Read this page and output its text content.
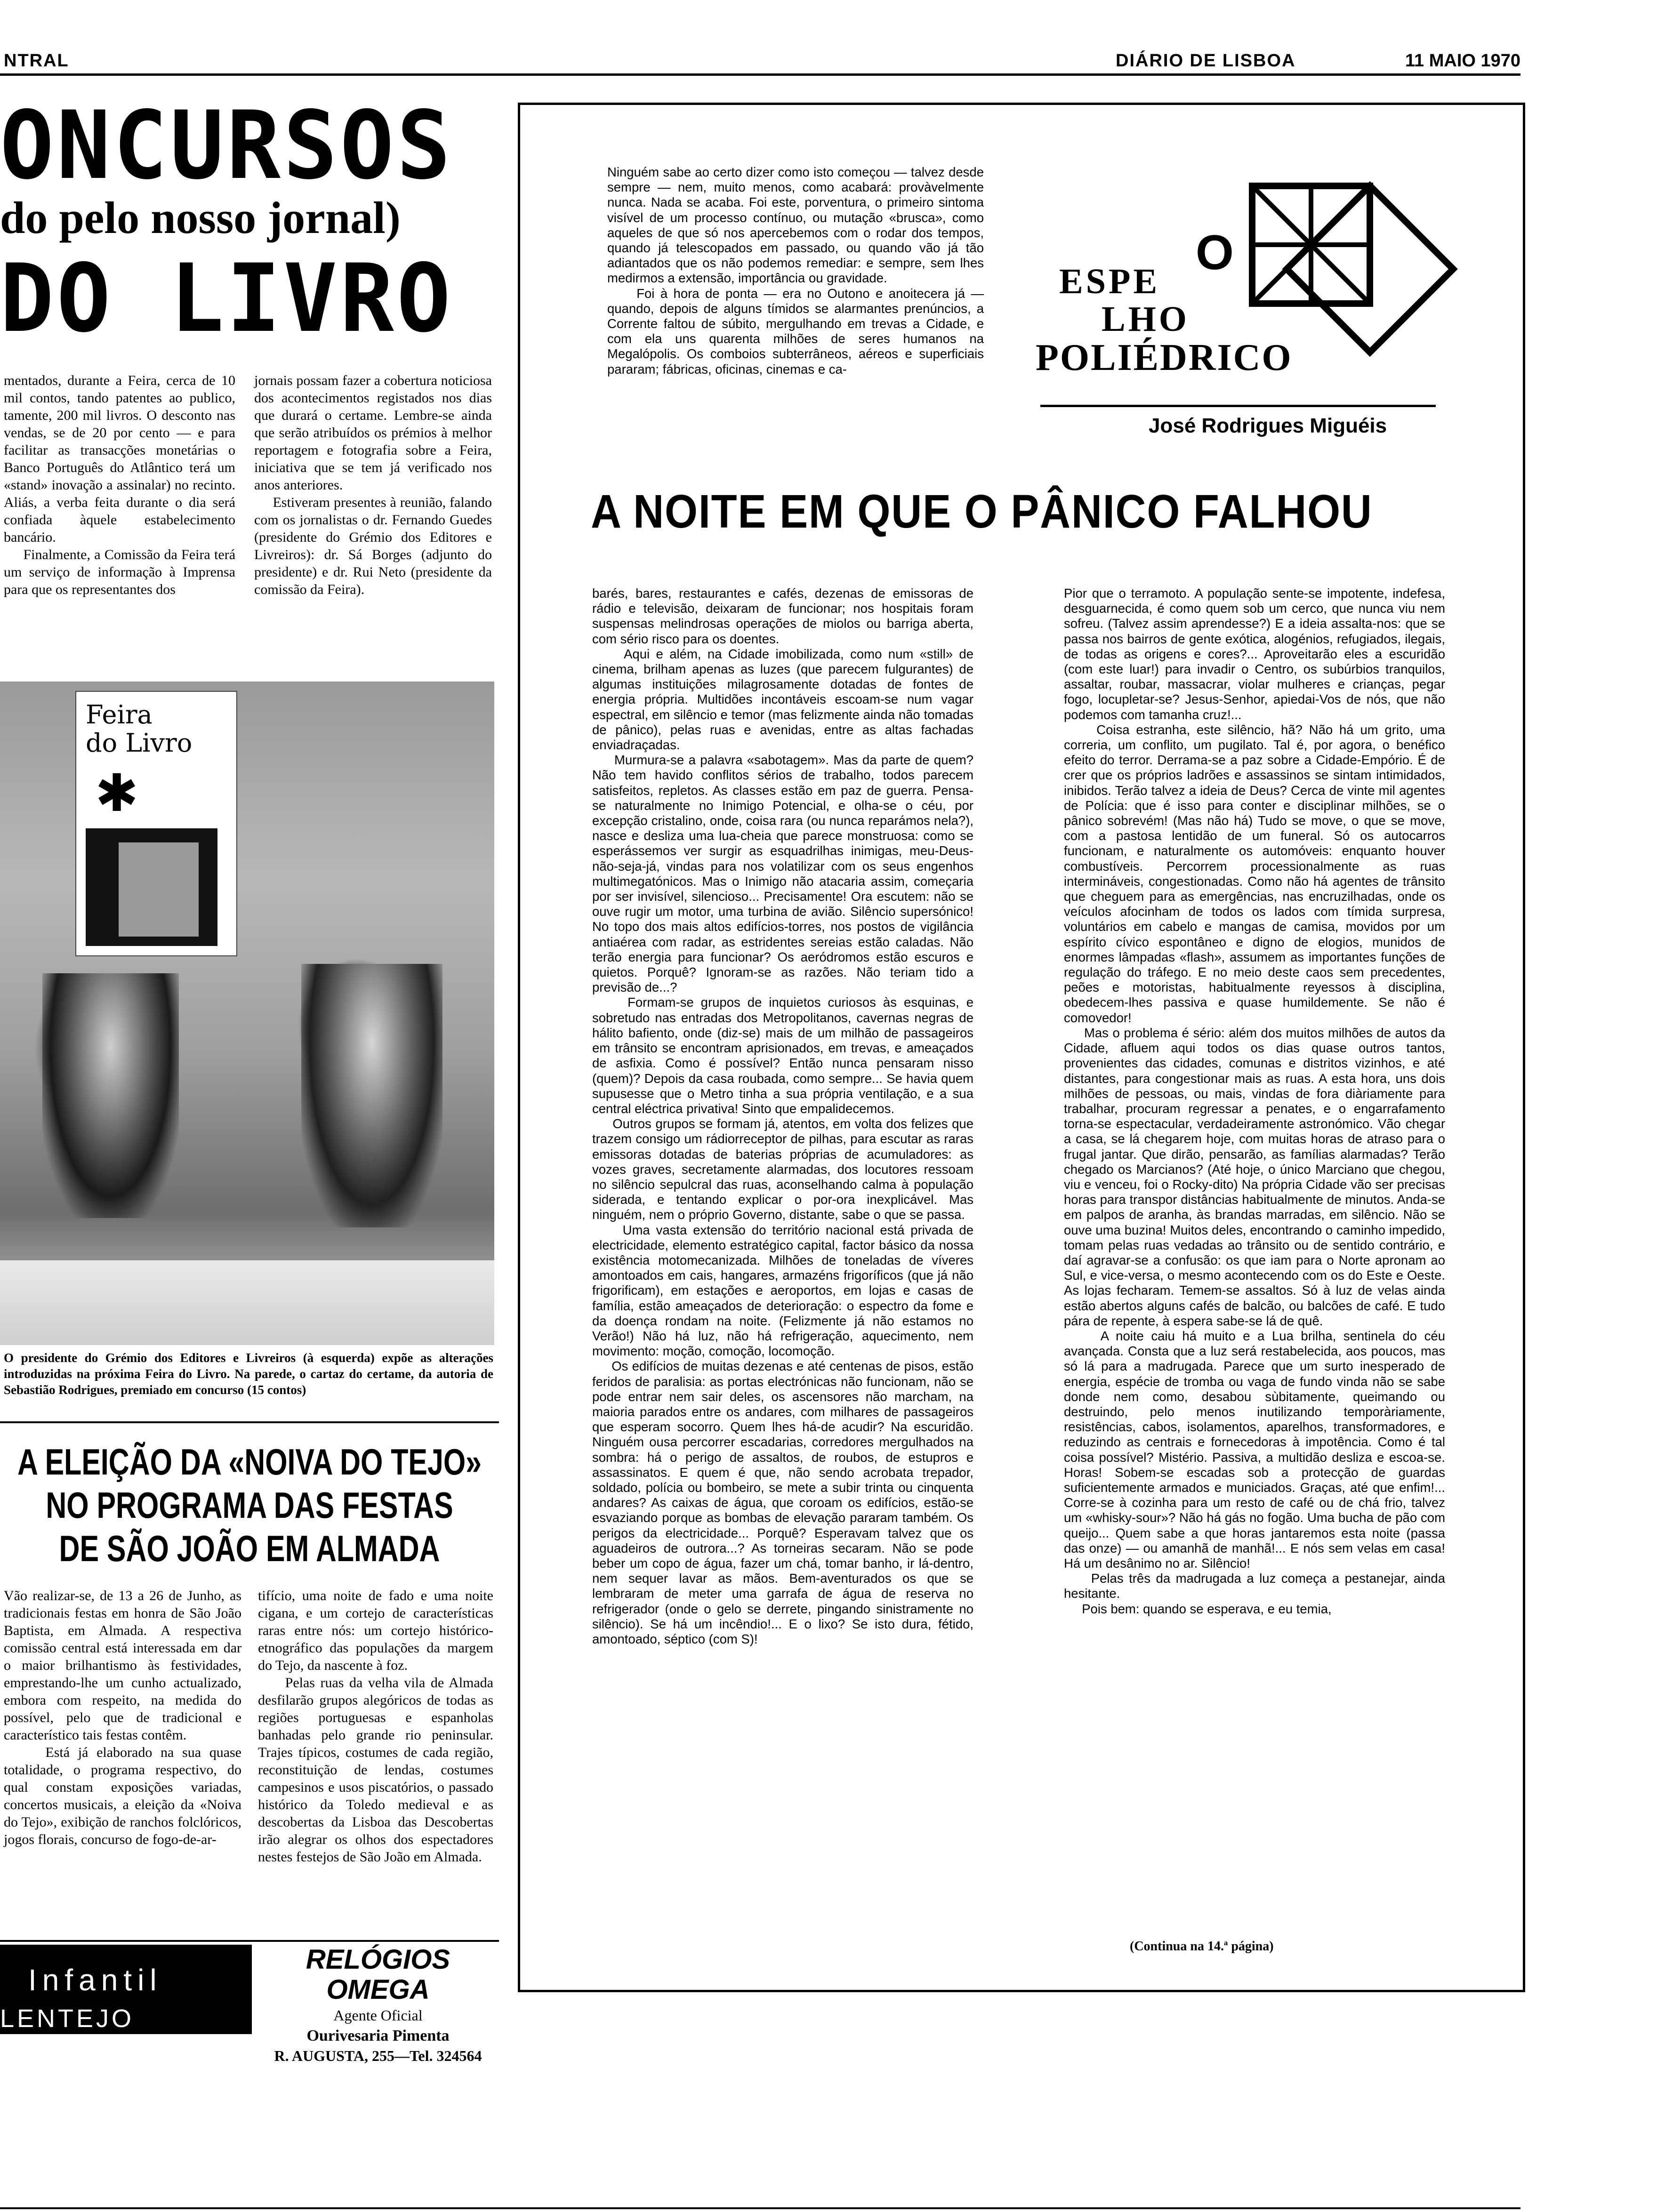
NTRAL	DIÁRIO DE LISBOA	11 MAIO 1970
ONCURSOS
do pelo nosso jornal)
DO LIVRO
mentados, durante a Feira, cerca de 10 mil contos, tando patentes ao publico, tamente, 200 mil livros. O desconto nas vendas, se de 20 por cento — e para facilitar as transacções monetárias o Banco Português do Atlântico terá um «stand» inovação a assinalar) no recinto. Aliás, a verba feita durante o dia será confiada àquele estabelecimento bancário.
Finalmente, a Comissão da Feira terá um serviço de informação à Imprensa para que os representantes dos
jornais possam fazer a cobertura noticiosa dos acontecimentos registados nos dias que durará o certame. Lembre-se ainda que serão atribuídos os prémios à melhor reportagem e fotografia sobre a Feira, iniciativa que se tem já verificado nos anos anteriores.
Estiveram presentes à reunião, falando com os jornalistas o dr. Fernando Guedes (presidente do Grémio dos Editores e Livreiros): dr. Sá Borges (adjunto do presidente) e dr. Rui Neto (presidente da comissão da Feira).
Feira
do Livro
✱
O presidente do Grémio dos Editores e Livreiros (à esquerda) expõe as alterações introduzidas na próxima Feira do Livro. Na parede, o cartaz do certame, da autoria de Sebastião Rodrigues, premiado em concurso (15 contos)
A ELEIÇÃO DA «NOIVA DO TEJO»
NO PROGRAMA DAS FESTAS
DE SÃO JOÃO EM ALMADA
Vão realizar-se, de 13 a 26 de Junho, as tradicionais festas em honra de São João Baptista, em Almada. A respectiva comissão central está interessada em dar o maior brilhantismo às festividades, emprestando-lhe um cunho actualizado, embora com respeito, na medida do possível, pelo que de tradicional e característico tais festas contêm.
Está já elaborado na sua quase totalidade, o programa respectivo, do qual constam exposições variadas, concertos musicais, a eleição da «Noiva do Tejo», exibição de ranchos folclóricos, jogos florais, concurso de fogo-de-ar-
tifício, uma noite de fado e uma noite cigana, e um cortejo de características raras entre nós: um cortejo histórico-etnográfico das populações da margem do Tejo, da nascente à foz.
Pelas ruas da velha vila de Almada desfilarão grupos alegóricos de todas as regiões portuguesas e espanholas banhadas pelo grande rio peninsular. Trajes típicos, costumes de cada região, reconstituição de lendas, costumes campesinos e usos piscatórios, o passado histórico da Toledo medieval e as descobertas da Lisboa das Descobertas irão alegrar os olhos dos espectadores nestes festejos de São João em Almada.
Infantil
LENTEJO
RELÓGIOS OMEGA
Agente Oficial
Ourivesaria Pimenta
R. AUGUSTA, 255—Tel. 324564
Ninguém sabe ao certo dizer como isto começou — talvez desde sempre — nem, muito menos, como acabará: provàvelmente nunca. Nada se acaba. Foi este, porventura, o primeiro sintoma visível de um processo contínuo, ou mutação «brusca», como aqueles de que só nos apercebemos com o rodar dos tempos, quando já telescopados em passado, ou quando vão já tão adiantados que os não podemos remediar: e sempre, sem lhes medirmos a extensão, importância ou gravidade.
Foi à hora de ponta — era no Outono e anoitecera já — quando, depois de alguns tímidos se alarmantes prenúncios, a Corrente faltou de súbito, mergulhando em trevas a Cidade, e com ela uns quarenta milhões de seres humanos na Megalópolis. Os comboios subterrâneos, aéreos e superficiais pararam; fábricas, oficinas, cinemas e ca-
O
ESPE
LHO
POLIÉDRICO
José Rodrigues Miguéis
A NOITE EM QUE O PÂNICO FALHOU
barés, bares, restaurantes e cafés, dezenas de emissoras de rádio e televisão, deixaram de funcionar; nos hospitais foram suspensas melindrosas operações de miolos ou barriga aberta, com sério risco para os doentes.
Aqui e além, na Cidade imobilizada, como num «still» de cinema, brilham apenas as luzes (que parecem fulgurantes) de algumas instituições milagrosamente dotadas de fontes de energia própria. Multidões incontáveis escoam-se num vagar espectral, em silêncio e temor (mas felizmente ainda não tomadas de pânico), pelas ruas e avenidas, entre as altas fachadas enviadraçadas.
Murmura-se a palavra «sabotagem». Mas da parte de quem? Não tem havido conflitos sérios de trabalho, todos parecem satisfeitos, repletos. As classes estão em paz de guerra. Pensa-se naturalmente no Inimigo Potencial, e olha-se o céu, por excepção cristalino, onde, coisa rara (ou nunca reparámos nela?), nasce e desliza uma lua-cheia que parece monstruosa: como se esperássemos ver surgir as esquadrilhas inimigas, meu-Deus-não-seja-já, vindas para nos volatilizar com os seus engenhos multimegatónicos. Mas o Inimigo não atacaria assim, começaria por ser invisível, silencioso... Precisamente! Ora escutem: não se ouve rugir um motor, uma turbina de avião. Silêncio supersónico! No topo dos mais altos edifícios-torres, nos postos de vigilância antiaérea com radar, as estridentes sereias estão caladas. Não terão energia para funcionar? Os aeródromos estão escuros e quietos. Porquê? Ignoram-se as razões. Não teriam tido a previsão de...?
Formam-se grupos de inquietos curiosos às esquinas, e sobretudo nas entradas dos Metropolitanos, cavernas negras de hálito bafiento, onde (diz-se) mais de um milhão de passageiros em trânsito se encontram aprisionados, em trevas, e ameaçados de asfixia. Como é possível? Então nunca pensaram nisso (quem)? Depois da casa roubada, como sempre... Se havia quem supusesse que o Metro tinha a sua própria ventilação, e a sua central eléctrica privativa! Sinto que empalidecemos.
Outros grupos se formam já, atentos, em volta dos felizes que trazem consigo um rádiorreceptor de pilhas, para escutar as raras emissoras dotadas de baterias próprias de acumuladores: as vozes graves, secretamente alarmadas, dos locutores ressoam no silêncio sepulcral das ruas, aconselhando calma à população siderada, e tentando explicar o por-ora inexplicável. Mas ninguém, nem o próprio Governo, distante, sabe o que se passa.
Uma vasta extensão do território nacional está privada de electricidade, elemento estratégico capital, factor básico da nossa existência motomecanizada. Milhões de toneladas de víveres amontoados em cais, hangares, armazéns frigoríficos (que já não frigorificam), em estações e aeroportos, em lojas e casas de família, estão ameaçados de deterioração: o espectro da fome e da doença rondam na noite. (Felizmente já não estamos no Verão!) Não há luz, não há refrigeração, aquecimento, nem movimento: moção, comoção, locomoção.
Os edifícios de muitas dezenas e até centenas de pisos, estão feridos de paralisia: as portas electrónicas não funcionam, não se pode entrar nem sair deles, os ascensores não marcham, na maioria parados entre os andares, com milhares de passageiros que esperam socorro. Quem lhes há-de acudir? Na escuridão. Ninguém ousa percorrer escadarias, corredores mergulhados na sombra: há o perigo de assaltos, de roubos, de estupros e assassinatos. E quem é que, não sendo acrobata trepador, soldado, polícia ou bombeiro, se mete a subir trinta ou cinquenta andares? As caixas de água, que coroam os edifícios, estão-se esvaziando porque as bombas de elevação pararam também. Os perigos da electricidade... Porquê? Esperavam talvez que os aguadeiros de outrora...? As torneiras secaram. Não se pode beber um copo de água, fazer um chá, tomar banho, ir lá-dentro, nem sequer lavar as mãos. Bem-aventurados os que se lembraram de meter uma garrafa de água de reserva no refrigerador (onde o gelo se derrete, pingando sinistramente no silêncio). Se há um incêndio!... E o lixo? Se isto dura, fétido, amontoado, séptico (com S)!
Pior que o terramoto. A população sente-se impotente, indefesa, desguarnecida, é como quem sob um cerco, que nunca viu nem sofreu. (Talvez assim aprendesse?) E a ideia assalta-nos: que se passa nos bairros de gente exótica, alogénios, refugiados, ilegais, de todas as origens e cores?... Aproveitarão eles a escuridão (com este luar!) para invadir o Centro, os subúrbios tranquilos, assaltar, roubar, massacrar, violar mulheres e crianças, pegar fogo, locupletar-se? Jesus-Senhor, apiedai-Vos de nós, que não podemos com tamanha cruz!...
Coisa estranha, este silêncio, hã? Não há um grito, uma correria, um conflito, um pugilato. Tal é, por agora, o benéfico efeito do terror. Derrama-se a paz sobre a Cidade-Empório. É de crer que os próprios ladrões e assassinos se sintam intimidados, inibidos. Terão talvez a ideia de Deus? Cerca de vinte mil agentes de Polícia: que é isso para conter e disciplinar milhões, se o pânico sobrevém! (Mas não há) Tudo se move, o que se move, com a pastosa lentidão de um funeral. Só os autocarros funcionam, e naturalmente os automóveis: enquanto houver combustíveis. Percorrem processionalmente as ruas intermináveis, congestionadas. Como não há agentes de trânsito que cheguem para as emergências, nas encruzilhadas, onde os veículos afocinham de todos os lados com tímida surpresa, voluntários em cabelo e mangas de camisa, movidos por um espírito cívico espontâneo e digno de elogios, munidos de enormes lâmpadas «flash», assumem as importantes funções de regulação do tráfego. E no meio deste caos sem precedentes, peões e motoristas, habitualmente reyessos à disciplina, obedecem-lhes passiva e quase humildemente. Se não é comovedor!
Mas o problema é sério: além dos muitos milhões de autos da Cidade, afluem aqui todos os dias quase outros tantos, provenientes das cidades, comunas e distritos vizinhos, e até distantes, para congestionar mais as ruas. A esta hora, uns dois milhões de pessoas, ou mais, vindas de fora diàriamente para trabalhar, procuram regressar a penates, e o engarrafamento torna-se espectacular, verdadeiramente astronómico. Vão chegar a casa, se lá chegarem hoje, com muitas horas de atraso para o frugal jantar. Que dirão, pensarão, as famílias alarmadas? Terão chegado os Marcianos? (Até hoje, o único Marciano que chegou, viu e venceu, foi o Rocky-dito) Na própria Cidade vão ser precisas horas para transpor distâncias habitualmente de minutos. Anda-se em palpos de aranha, às brandas marradas, em silêncio. Não se ouve uma buzina! Muitos deles, encontrando o caminho impedido, tomam pelas ruas vedadas ao trânsito ou de sentido contrário, e daí agravar-se a confusão: os que iam para o Norte apronam ao Sul, e vice-versa, o mesmo acontecendo com os do Este e Oeste. As lojas fecharam. Temem-se assaltos. Só à luz de velas ainda estão abertos alguns cafés de balcão, ou balcões de café. E tudo pára de repente, à espera sabe-se lá de quê.
A noite caiu há muito e a Lua brilha, sentinela do céu avançada. Consta que a luz será restabelecida, aos poucos, mas só lá para a madrugada. Parece que um surto inesperado de energia, espécie de tromba ou vaga de fundo vinda não se sabe donde nem como, desabou sùbitamente, queimando ou destruindo, pelo menos inutilizando temporàriamente, resistências, cabos, isolamentos, aparelhos, transformadores, e reduzindo as centrais e fornecedoras à impotência. Como é tal coisa possível? Mistério. Passiva, a multidão desliza e escoa-se. Horas! Sobem-se escadas sob a protecção de guardas suficientemente armados e municiados. Graças, até que enfim!... Corre-se à cozinha para um resto de café ou de chá frio, talvez um «whisky-sour»? Não há gás no fogão. Uma bucha de pão com queijo... Quem sabe a que horas jantaremos esta noite (passa das onze) — ou amanhã de manhã!... E nós sem velas em casa! Há um desânimo no ar. Silêncio!
Pelas três da madrugada a luz começa a pestanejar, ainda hesitante.
Pois bem: quando se esperava, e eu temia,
(Continua na 14.ª página)
